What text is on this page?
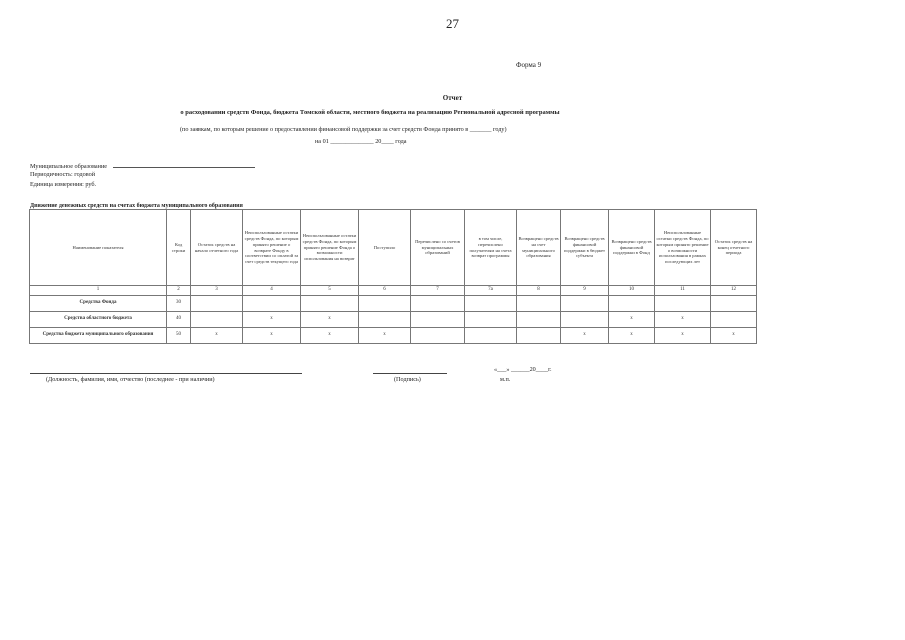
27
Форма 9
Отчет
о расходовании средств Фонда, бюджета Томской области, местного бюджета на реализацию Региональной адресной программы
(по заявкам, по которым решение о предоставлении финансовой поддержки за счет средств Фонда принято в _______ году)
на 01 ______________ 20____ года
Муниципальное образование
Периодичность: годовой
Единица измерения: руб.
Движение денежных средств на счетах бюджета муниципального образования
Наименование показателя	Код строки	Остаток средств на начало отчетного года	Неиспользованные остатки средств Фонда, по которым принято решение о возврате Фонду в соответствии со оплатой за счет средств текущего года	Неиспользованные остатки средств Фонда, по которым принято решение Фонда о возможности использования на возврат	Поступило	Перечислено со счетов муниципальных образований	в том числе, перечислено получателям на счета возврат программы	Возвращено средств на счет муниципального образования	Возвращено средств финансовой поддержки в бюджет субъекта	Возвращено средств финансовой поддержки в Фонд	Неиспользованные остатки средств Фонда, по которым принято решение о возможности использования в рамках последующих лет	Остаток средств на конец отчетного периода
1	2	3	4	5	6	7	7а	8	9	10	11	12
Средства Фонда	30											
Средства областного бюджета	40		x	x						x	x	
Средства бюджета муниципального образования	50	x	x	x	x				x	x	x	x
(Должность, фамилия, имя, отчество (последнее - при наличии)	(Подпись)
«___» ______20____г.
м.п.
